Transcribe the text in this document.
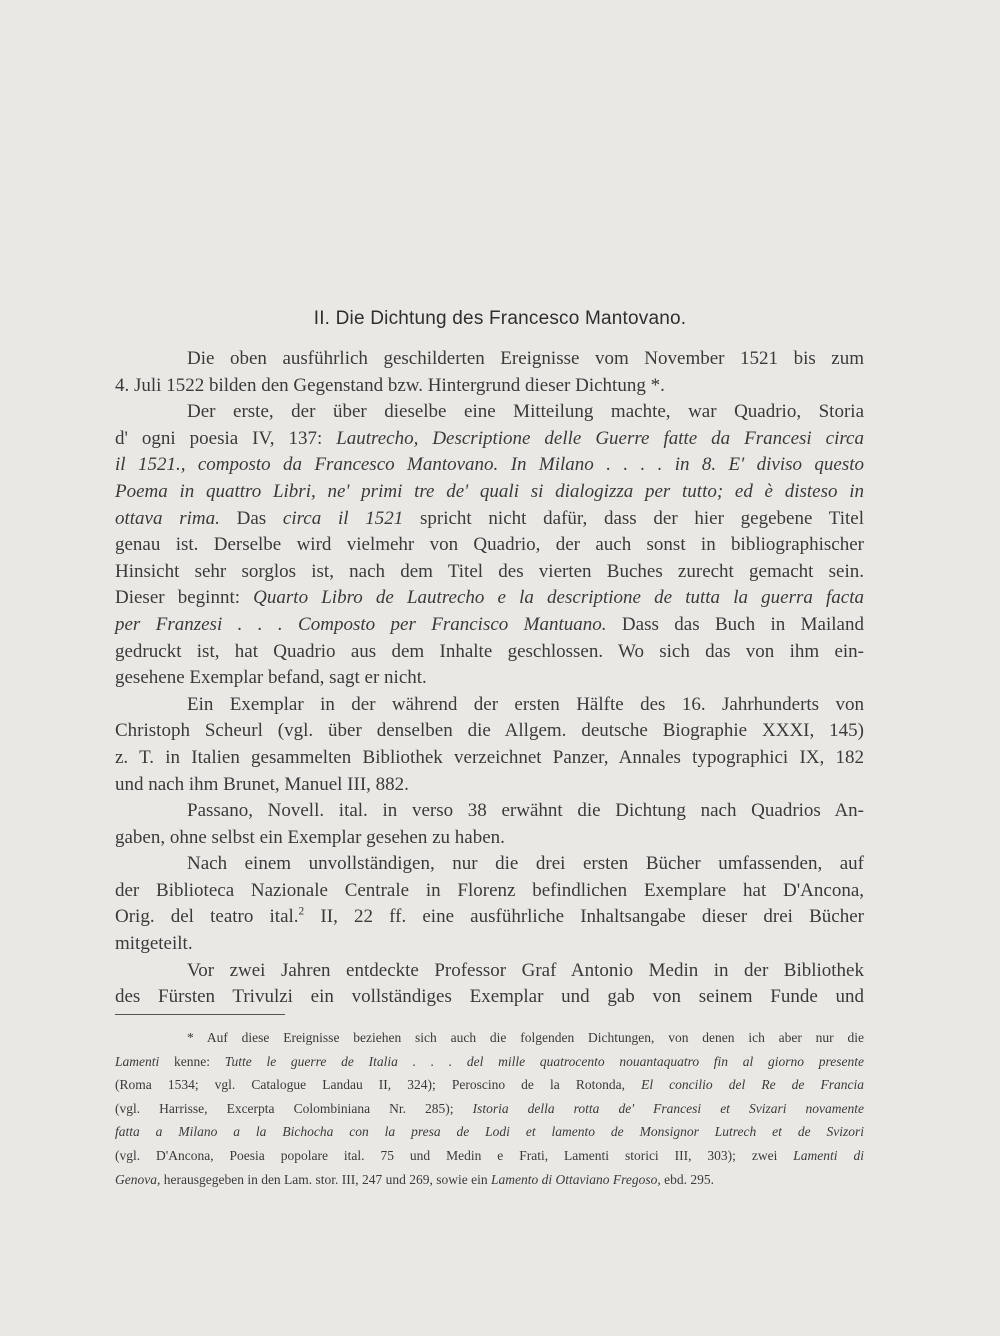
II. Die Dichtung des Francesco Mantovano.
Die oben ausführlich geschilderten Ereignisse vom November 1521 bis zum
4. Juli 1522 bilden den Gegenstand bzw. Hintergrund dieser Dichtung *.
Der erste, der über dieselbe eine Mitteilung machte, war Quadrio, Storia
d' ogni poesia IV, 137: Lautrecho, Descriptione delle Guerre fatte da Francesi circa
il 1521., composto da Francesco Mantovano. In Milano . . . . in 8. E' diviso questo
Poema in quattro Libri, ne' primi tre de' quali si dialogizza per tutto; ed è disteso in
ottava rima. Das circa il 1521 spricht nicht dafür, dass der hier gegebene Titel
genau ist. Derselbe wird vielmehr von Quadrio, der auch sonst in bibliographischer
Hinsicht sehr sorglos ist, nach dem Titel des vierten Buches zurecht gemacht sein.
Dieser beginnt: Quarto Libro de Lautrecho e la descriptione de tutta la guerra facta
per Franzesi . . . Composto per Francisco Mantuano. Dass das Buch in Mailand
gedruckt ist, hat Quadrio aus dem Inhalte geschlossen. Wo sich das von ihm ein-
gesehene Exemplar befand, sagt er nicht.
Ein Exemplar in der während der ersten Hälfte des 16. Jahrhunderts von
Christoph Scheurl (vgl. über denselben die Allgem. deutsche Biographie XXXI, 145)
z. T. in Italien gesammelten Bibliothek verzeichnet Panzer, Annales typographici IX, 182
und nach ihm Brunet, Manuel III, 882.
Passano, Novell. ital. in verso 38 erwähnt die Dichtung nach Quadrios An-
gaben, ohne selbst ein Exemplar gesehen zu haben.
Nach einem unvollständigen, nur die drei ersten Bücher umfassenden, auf
der Biblioteca Nazionale Centrale in Florenz befindlichen Exemplare hat D'Ancona,
Orig. del teatro ital.$^2$ II, 22 ff. eine ausführliche Inhaltsangabe dieser drei Bücher
mitgeteilt.
Vor zwei Jahren entdeckte Professor Graf Antonio Medin in der Bibliothek
des Fürsten Trivulzi ein vollständiges Exemplar und gab von seinem Funde und
* Auf diese Ereignisse beziehen sich auch die folgenden Dichtungen, von denen ich aber nur die
Lamenti kenne: Tutte le guerre de Italia . . . del mille quatrocento nouantaquatro fin al giorno presente
(Roma 1534; vgl. Catalogue Landau II, 324); Peroscino de la Rotonda, El concilio del Re de Francia
(vgl. Harrisse, Excerpta Colombiniana Nr. 285); Istoria della rotta de' Francesi et Svizari novamente
fatta a Milano a la Bichocha con la presa de Lodi et lamento de Monsignor Lutrech et de Svizori
(vgl. D'Ancona, Poesia popolare ital. 75 und Medin e Frati, Lamenti storici III, 303); zwei Lamenti di
Genova, herausgegeben in den Lam. stor. III, 247 und 269, sowie ein Lamento di Ottaviano Fregoso, ebd. 295.
